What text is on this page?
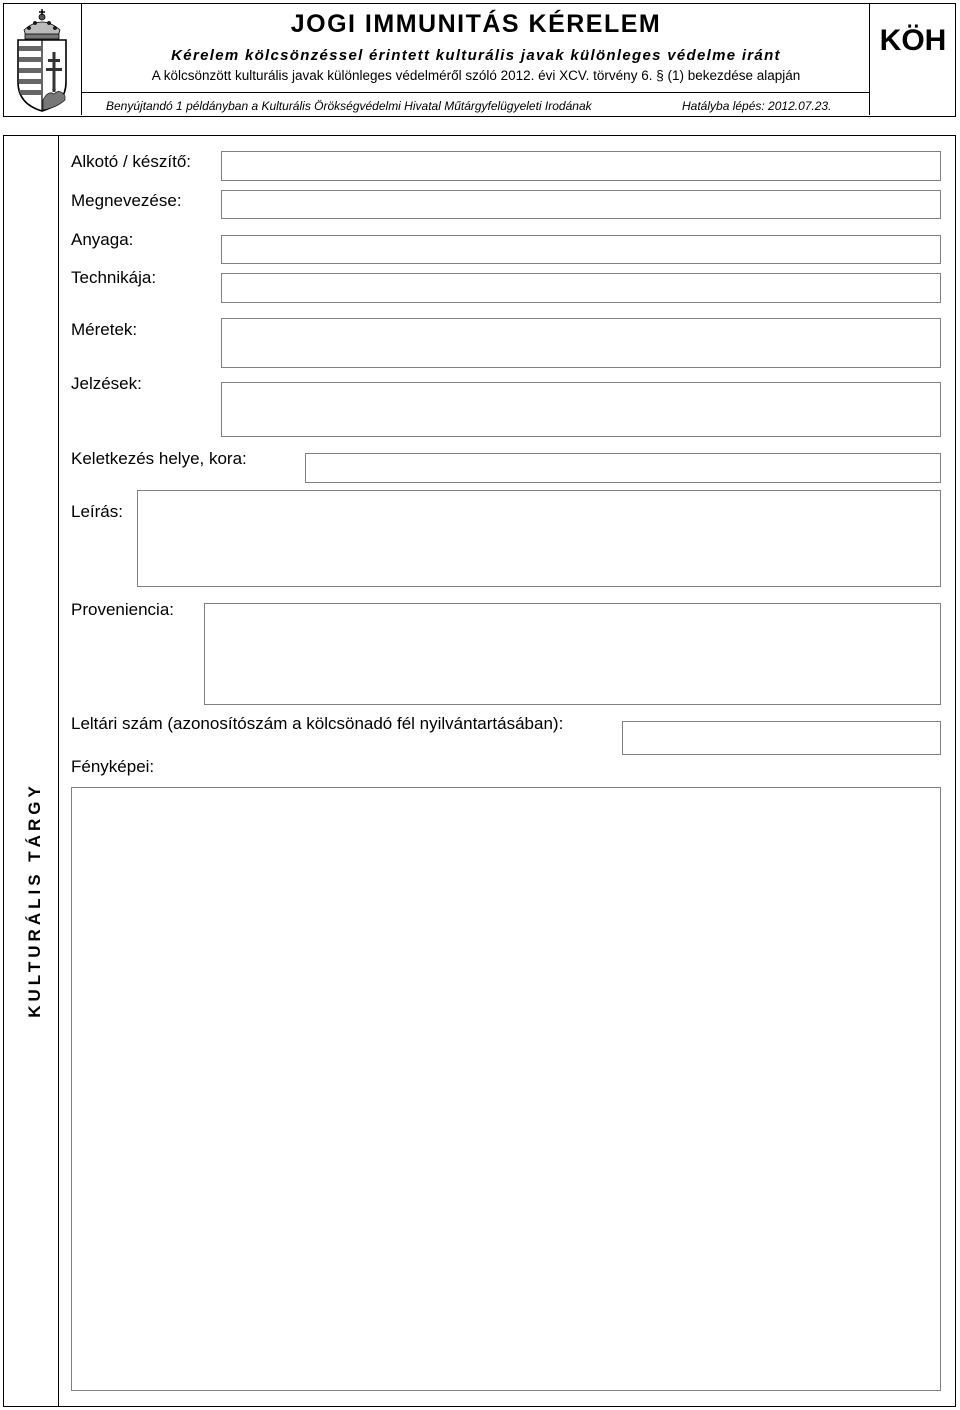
JOGI IMMUNITÁS KÉRELEM
Kérelem kölcsönzéssel érintett kulturális javak különleges védelme iránt
A kölcsönzött kulturális javak különleges védelméről szóló 2012. évi XCV. törvény 6. § (1) bekezdése alapján
Benyújtandó 1 példányban a Kulturális Örökségvédelmi Hivatal Műtárgyfelügyeleti Irodának	Hatályba lépés: 2012.07.23.
KÖH
KULTURÁLIS TÁRGY
Alkotó / készítő:
Megnevezése:
Anyaga:
Technikája:
Méretek:
Jelzések:
Keletkezés helye, kora:
Leírás:
Proveniencia:
Leltári szám (azonosítószám a kölcsönadó fél nyilvántartásában):
Fényképei:
